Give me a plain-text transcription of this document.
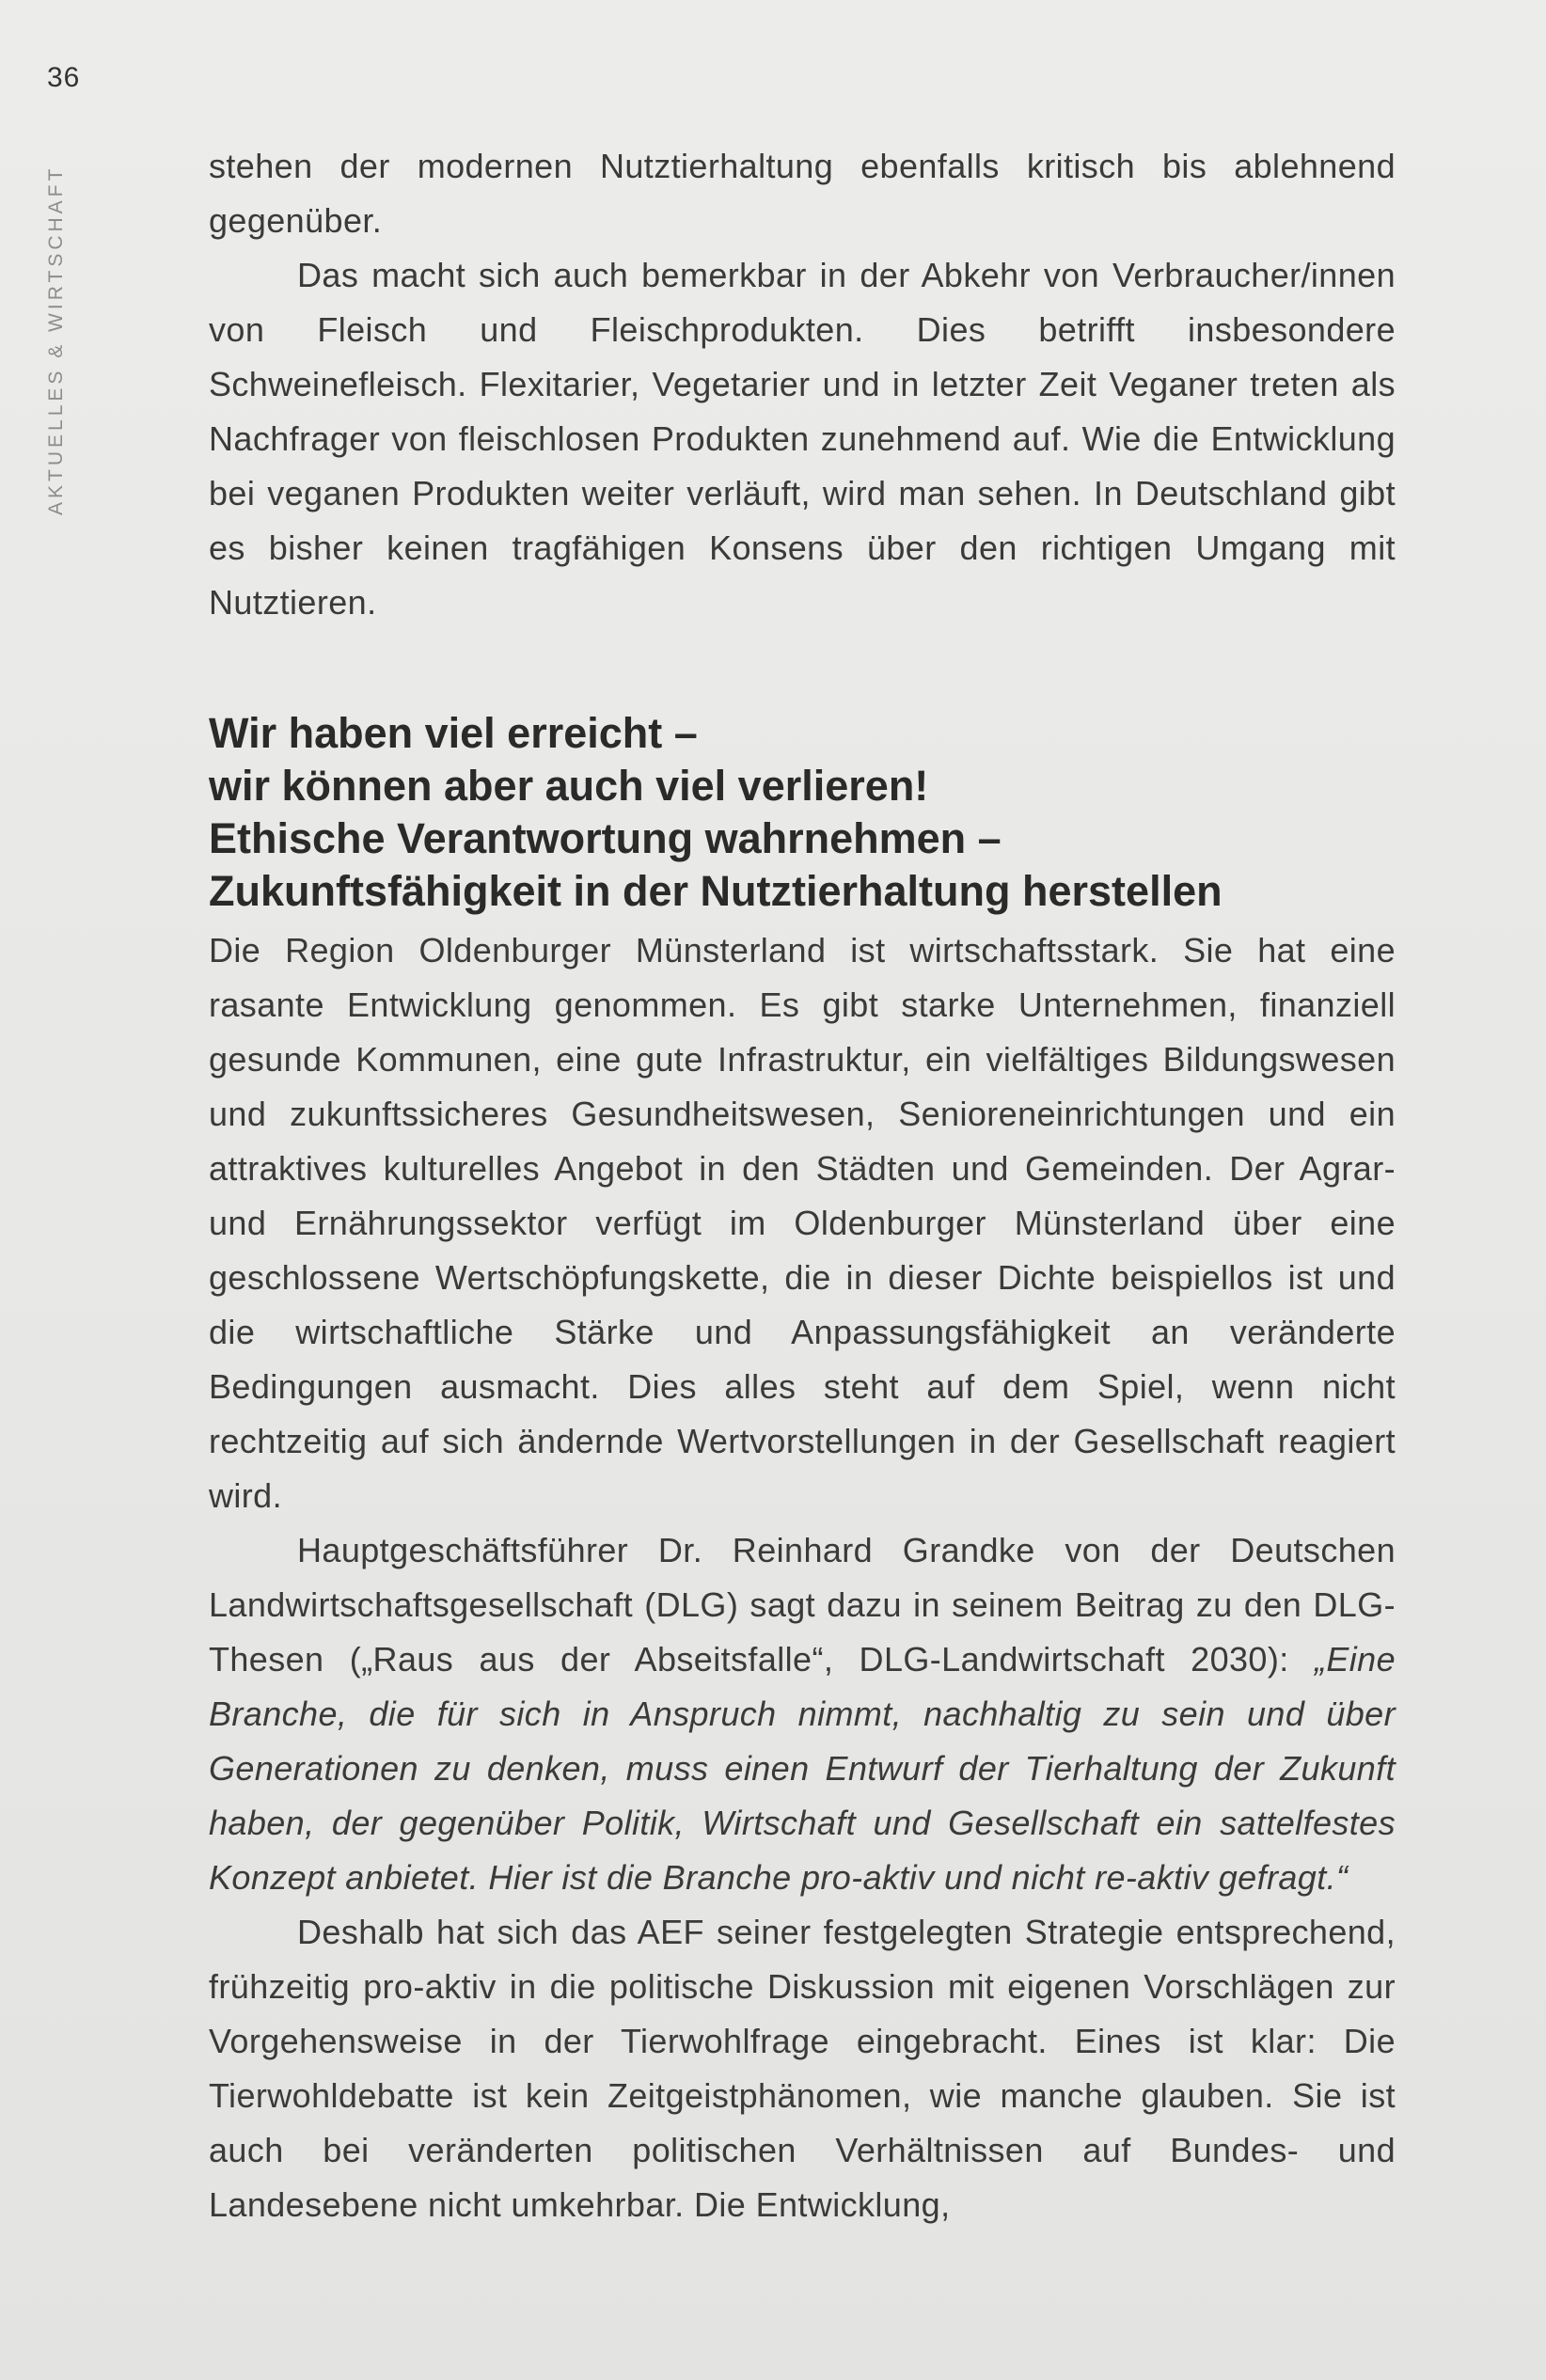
36
AKTUELLES & WIRTSCHAFT	stehen der modernen Nutztierhaltung ebenfalls kritisch bis ablehnend gegenüber.

Das macht sich auch bemerkbar in der Abkehr von Verbraucher/innen von Fleisch und Fleischprodukten. Dies betrifft insbesondere Schweinefleisch. Flexitarier, Vegetarier und in letzter Zeit Veganer treten als Nachfrager von fleischlosen Produkten zunehmend auf. Wie die Entwicklung bei veganen Produkten weiter verläuft, wird man sehen. In Deutschland gibt es bisher keinen tragfähigen Konsens über den richtigen Umgang mit Nutztieren.

Wir haben viel erreicht –
wir können aber auch viel verlieren!
Ethische Verantwortung wahrnehmen –
Zukunftsfähigkeit in der Nutztierhaltung herstellen

Die Region Oldenburger Münsterland ist wirtschaftsstark. Sie hat eine rasante Entwicklung genommen. Es gibt starke Unternehmen, finanziell gesunde Kommunen, eine gute Infrastruktur, ein vielfältiges Bildungswesen und zukunftssicheres Gesundheitswesen, Senioreneinrichtungen und ein attraktives kulturelles Angebot in den Städten und Gemeinden. Der Agrar- und Ernährungssektor verfügt im Oldenburger Münsterland über eine geschlossene Wertschöpfungskette, die in dieser Dichte beispiellos ist und die wirtschaftliche Stärke und Anpassungsfähigkeit an veränderte Bedingungen ausmacht. Dies alles steht auf dem Spiel, wenn nicht rechtzeitig auf sich ändernde Wertvorstellungen in der Gesellschaft reagiert wird.

Hauptgeschäftsführer Dr. Reinhard Grandke von der Deutschen Landwirtschaftsgesellschaft (DLG) sagt dazu in seinem Beitrag zu den DLG-Thesen („Raus aus der Abseitsfalle“, DLG-Landwirtschaft 2030): „Eine Branche, die für sich in Anspruch nimmt, nachhaltig zu sein und über Generationen zu denken, muss einen Entwurf der Tierhaltung der Zukunft haben, der gegenüber Politik, Wirtschaft und Gesellschaft ein sattelfestes Konzept anbietet. Hier ist die Branche pro-aktiv und nicht re-aktiv gefragt.“

Deshalb hat sich das AEF seiner festgelegten Strategie entsprechend, frühzeitig pro-aktiv in die politische Diskussion mit eigenen Vorschlägen zur Vorgehensweise in der Tierwohlfrage eingebracht. Eines ist klar: Die Tierwohldebatte ist kein Zeitgeistphänomen, wie manche glauben. Sie ist auch bei veränderten politischen Verhältnissen auf Bundes- und Landesebene nicht umkehrbar. Die Entwicklung,
